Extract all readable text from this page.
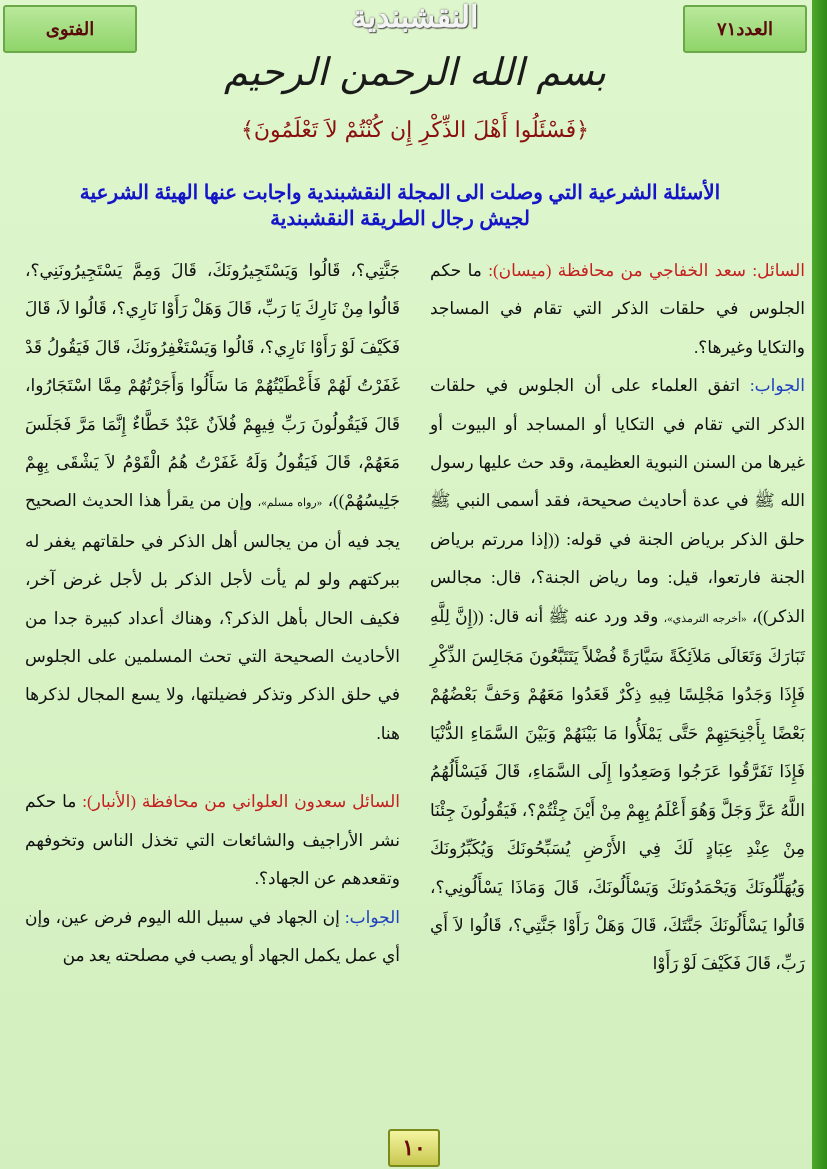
العدد٧١
الفتوى	النقشبندية
بسم الله الرحمن الرحيم
﴿فَسْئَلُوا أَهْلَ الذِّكْرِ إِن كُنْتُمْ لاَ تَعْلَمُونَ﴾
الأسئلة الشرعية التي وصلت الى المجلة النقشبندية واجابت عنها الهيئة الشرعية
لجيش رجال الطريقة النقشبندية

السائل: سعد الخفاجي من محافظة (ميسان): ما حكم الجلوس في حلقات الذكر التي تقام في المساجد والتكايا وغيرها؟.

الجواب: اتفق العلماء على أن الجلوس في حلقات الذكر التي تقام في التكايا أو المساجد أو البيوت أو غيرها من السنن النبوية العظيمة، وقد حث عليها رسول الله ﷺ في عدة أحاديث صحيحة، فقد أسمى النبي ﷺ حلق الذكر برياض الجنة في قوله: ((إذا مررتم برياض الجنة فارتعوا، قيل: وما رياض الجنة؟، قال: مجالس الذكر))، «أخرجه الترمذي»، وقد ورد عنه ﷺ أنه قال: ((إِنَّ لِلَّهِ تَبَارَكَ وَتَعَالَى مَلاَئِكَةً سَيَّارَةً فُضْلاً يَتَتَبَّعُونَ مَجَالِسَ الذِّكْرِ فَإِذَا وَجَدُوا مَجْلِسًا فِيهِ ذِكْرٌ قَعَدُوا مَعَهُمْ وَحَفَّ بَعْضُهُمْ بَعْضًا بِأَجْنِحَتِهِمْ حَتَّى يَمْلَأُوا مَا بَيْنَهُمْ وَبَيْنَ السَّمَاءِ الدُّنْيَا فَإِذَا تَفَرَّقُوا عَرَجُوا وَصَعِدُوا إِلَى السَّمَاءِ، قَالَ فَيَسْأَلُهُمُ اللَّهُ عَزَّ وَجَلَّ وَهُوَ أَعْلَمُ بِهِمْ مِنْ أَيْنَ جِئْتُمْ؟، فَيَقُولُونَ جِئْنَا مِنْ عِنْدِ عِبَادٍ لَكَ فِي الأَرْضِ يُسَبِّحُونَكَ وَيُكَبِّرُونَكَ وَيُهَلِّلُونَكَ وَيَحْمَدُونَكَ وَيَسْأَلُونَكَ، قَالَ وَمَاذَا يَسْأَلُونِي؟، قَالُوا يَسْأَلُونَكَ جَنَّتَكَ، قَالَ وَهَلْ رَأَوْا جَنَّتِي؟، قَالُوا لاَ أَي رَبِّ، قَالَ فَكَيْفَ لَوْ رَأَوْا

جَنَّتِي؟، قَالُوا وَيَسْتَجِيرُونَكَ، قَالَ وَمِمَّ يَسْتَجِيرُونَنِي؟، قَالُوا مِنْ نَارِكَ يَا رَبِّ، قَالَ وَهَلْ رَأَوْا نَارِي؟، قَالُوا لاَ، قَالَ فَكَيْفَ لَوْ رَأَوْا نَارِي؟، قَالُوا وَيَسْتَغْفِرُونَكَ، قَالَ فَيَقُولُ قَدْ غَفَرْتُ لَهُمْ فَأَعْطَيْتُهُمْ مَا سَأَلُوا وَأَجَرْتُهُمْ مِمَّا اسْتَجَارُوا، قَالَ فَيَقُولُونَ رَبِّ فِيهِمْ فُلاَنٌ عَبْدٌ خَطَّاءٌ إِنَّمَا مَرَّ فَجَلَسَ مَعَهُمْ، قَالَ فَيَقُولُ وَلَهُ غَفَرْتُ هُمُ الْقَوْمُ لاَ يَشْقَى بِهِمْ جَلِيسُهُمْ))، «رواه مسلم»، وإن من يقرأ هذا الحديث الصحيح يجد فيه أن من يجالس أهل الذكر في حلقاتهم يغفر له ببركتهم ولو لم يأت لأجل الذكر بل لأجل غرض آخر، فكيف الحال بأهل الذكر؟، وهناك أعداد كبيرة جدا من الأحاديث الصحيحة التي تحث المسلمين على الجلوس في حلق الذكر وتذكر فضيلتها، ولا يسع المجال لذكرها هنا.

السائل سعدون العلواني من محافظة (الأنبار): ما حكم نشر الأراجيف والشائعات التي تخذل الناس وتخوفهم وتقعدهم عن الجهاد؟.

الجواب: إن الجهاد في سبيل الله اليوم فرض عين، وإن أي عمل يكمل الجهاد أو يصب في مصلحته يعد من

١٠
